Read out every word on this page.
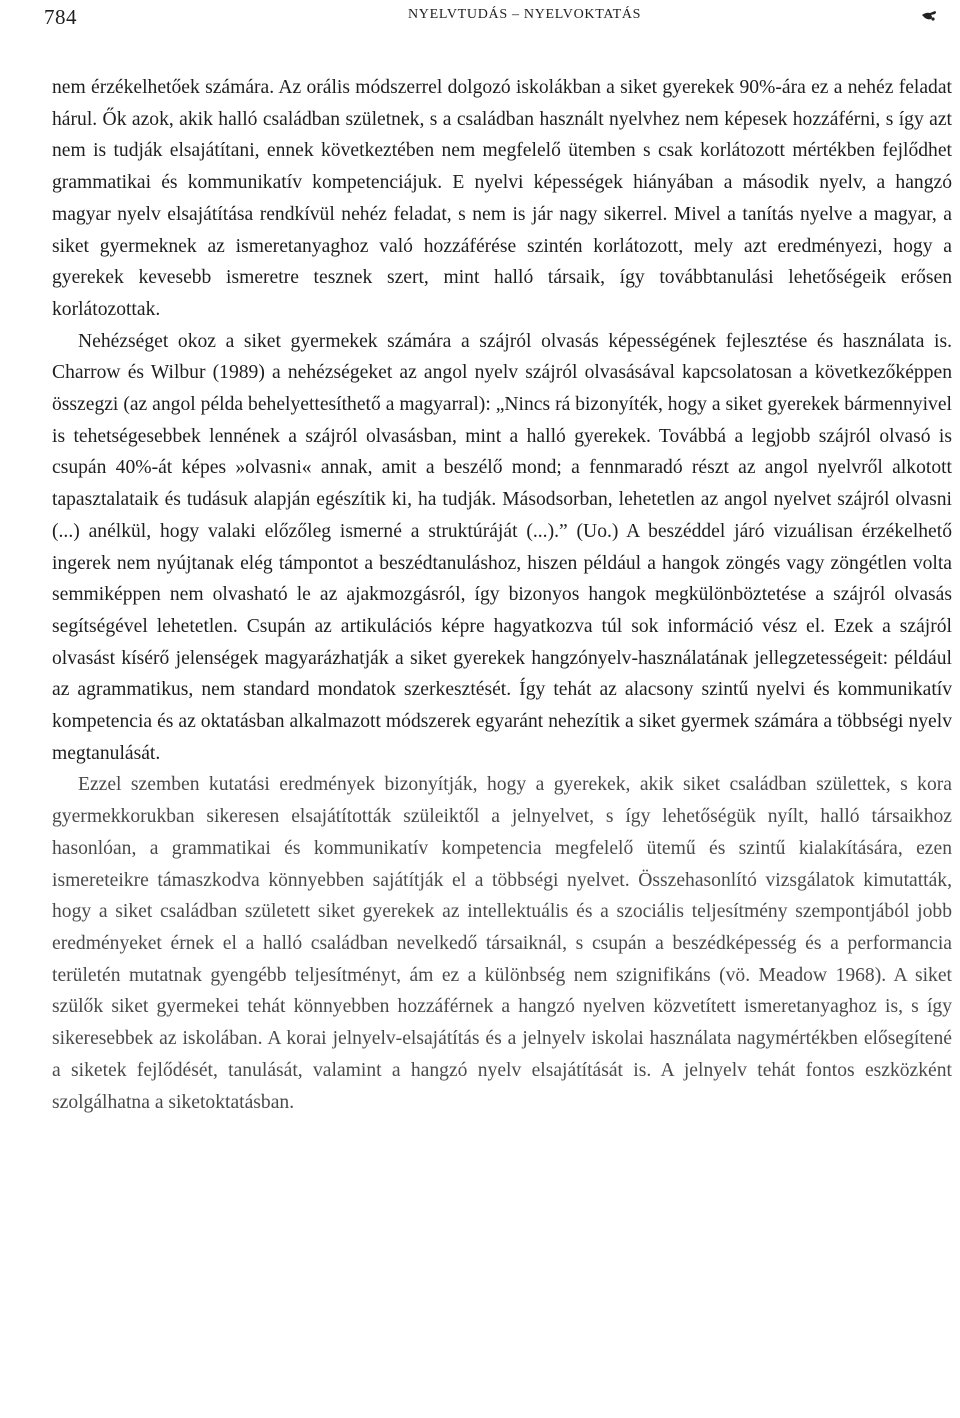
784	NYELVTUDÁS – NYELVOKTATÁS

nem érzékelhetőek számára. Az orális módszerrel dolgozó iskolákban a siket gyerekek 90%-ára ez a nehéz feladat hárul. Ők azok, akik halló családban születnek, s a családban használt nyelvhez nem képesek hozzáférni, s így azt nem is tudják elsajátítani, ennek következtében nem megfelelő ütemben s csak korlátozott mértékben fejlődhet grammatikai és kommunikatív kompetenciájuk. E nyelvi képességek hiányában a második nyelv, a hangzó magyar nyelv elsajátítása rendkívül nehéz feladat, s nem is jár nagy sikerrel. Mivel a tanítás nyelve a magyar, a siket gyermeknek az ismeretanyaghoz való hozzáférése szintén korlátozott, mely azt eredményezi, hogy a gyerekek kevesebb ismeretre tesznek szert, mint halló társaik, így továbbtanulási lehetőségeik erősen korlátozottak.

Nehézséget okoz a siket gyermekek számára a szájról olvasás képességének fejlesztése és használata is. Charrow és Wilbur (1989) a nehézségeket az angol nyelv szájról olvasásával kapcsolatosan a következőképpen összegzi (az angol példa behelyettesíthető a magyarral): „Nincs rá bizonyíték, hogy a siket gyerekek bármennyivel is tehetségesebbek lennének a szájról olvasásban, mint a halló gyerekek. Továbbá a legjobb szájról olvasó is csupán 40%-át képes »olvasni« annak, amit a beszélő mond; a fennmaradó részt az angol nyelvről alkotott tapasztalataik és tudásuk alapján egészítik ki, ha tudják. Másodsorban, lehetetlen az angol nyelvet szájról olvasni (...) anélkül, hogy valaki előzőleg ismerné a struktúráját (...).” (Uo.) A beszéddel járó vizuálisan érzékelhető ingerek nem nyújtanak elég támpontot a beszédtanuláshoz, hiszen például a hangok zöngés vagy zöngétlen volta semmiképpen nem olvasható le az ajakmozgásról, így bizonyos hangok megkülönböztetése a szájról olvasás segítségével lehetetlen. Csupán az artikulációs képre hagyatkozva túl sok információ vész el. Ezek a szájról olvasást kísérő jelenségek magyarázhatják a siket gyerekek hangzónyelv-használatának jellegzetességeit: például az agrammatikus, nem standard mondatok szerkesztését. Így tehát az alacsony szintű nyelvi és kommunikatív kompetencia és az oktatásban alkalmazott módszerek egyaránt nehezítik a siket gyermek számára a többségi nyelv megtanulását.

Ezzel szemben kutatási eredmények bizonyítják, hogy a gyerekek, akik siket családban születtek, s kora gyermekkorukban sikeresen elsajátították szüleiktől a jelnyelvet, s így lehetőségük nyílt, halló társaikhoz hasonlóan, a grammatikai és kommunikatív kompetencia megfelelő ütemű és szintű kialakítására, ezen ismereteikre támaszkodva könnyebben sajátítják el a többségi nyelvet. Összehasonlító vizsgálatok kimutatták, hogy a siket családban született siket gyerekek az intellektuális és a szociális teljesítmény szempontjából jobb eredményeket érnek el a halló családban nevelkedő társaiknál, s csupán a beszédképesség és a performancia területén mutatnak gyengébb teljesítményt, ám ez a különbség nem szignifikáns (vö. Meadow 1968). A siket szülők siket gyermekei tehát könnyebben hozzáférnek a hangzó nyelven közvetített ismeretanyaghoz is, s így sikeresebbek az iskolában. A korai jelnyelv-elsajátítás és a jelnyelv iskolai használata nagymértékben elősegítené a siketek fejlődését, tanulását, valamint a hangzó nyelv elsajátítását is. A jelnyelv tehát fontos eszközként szolgálhatna a siketoktatásban.
